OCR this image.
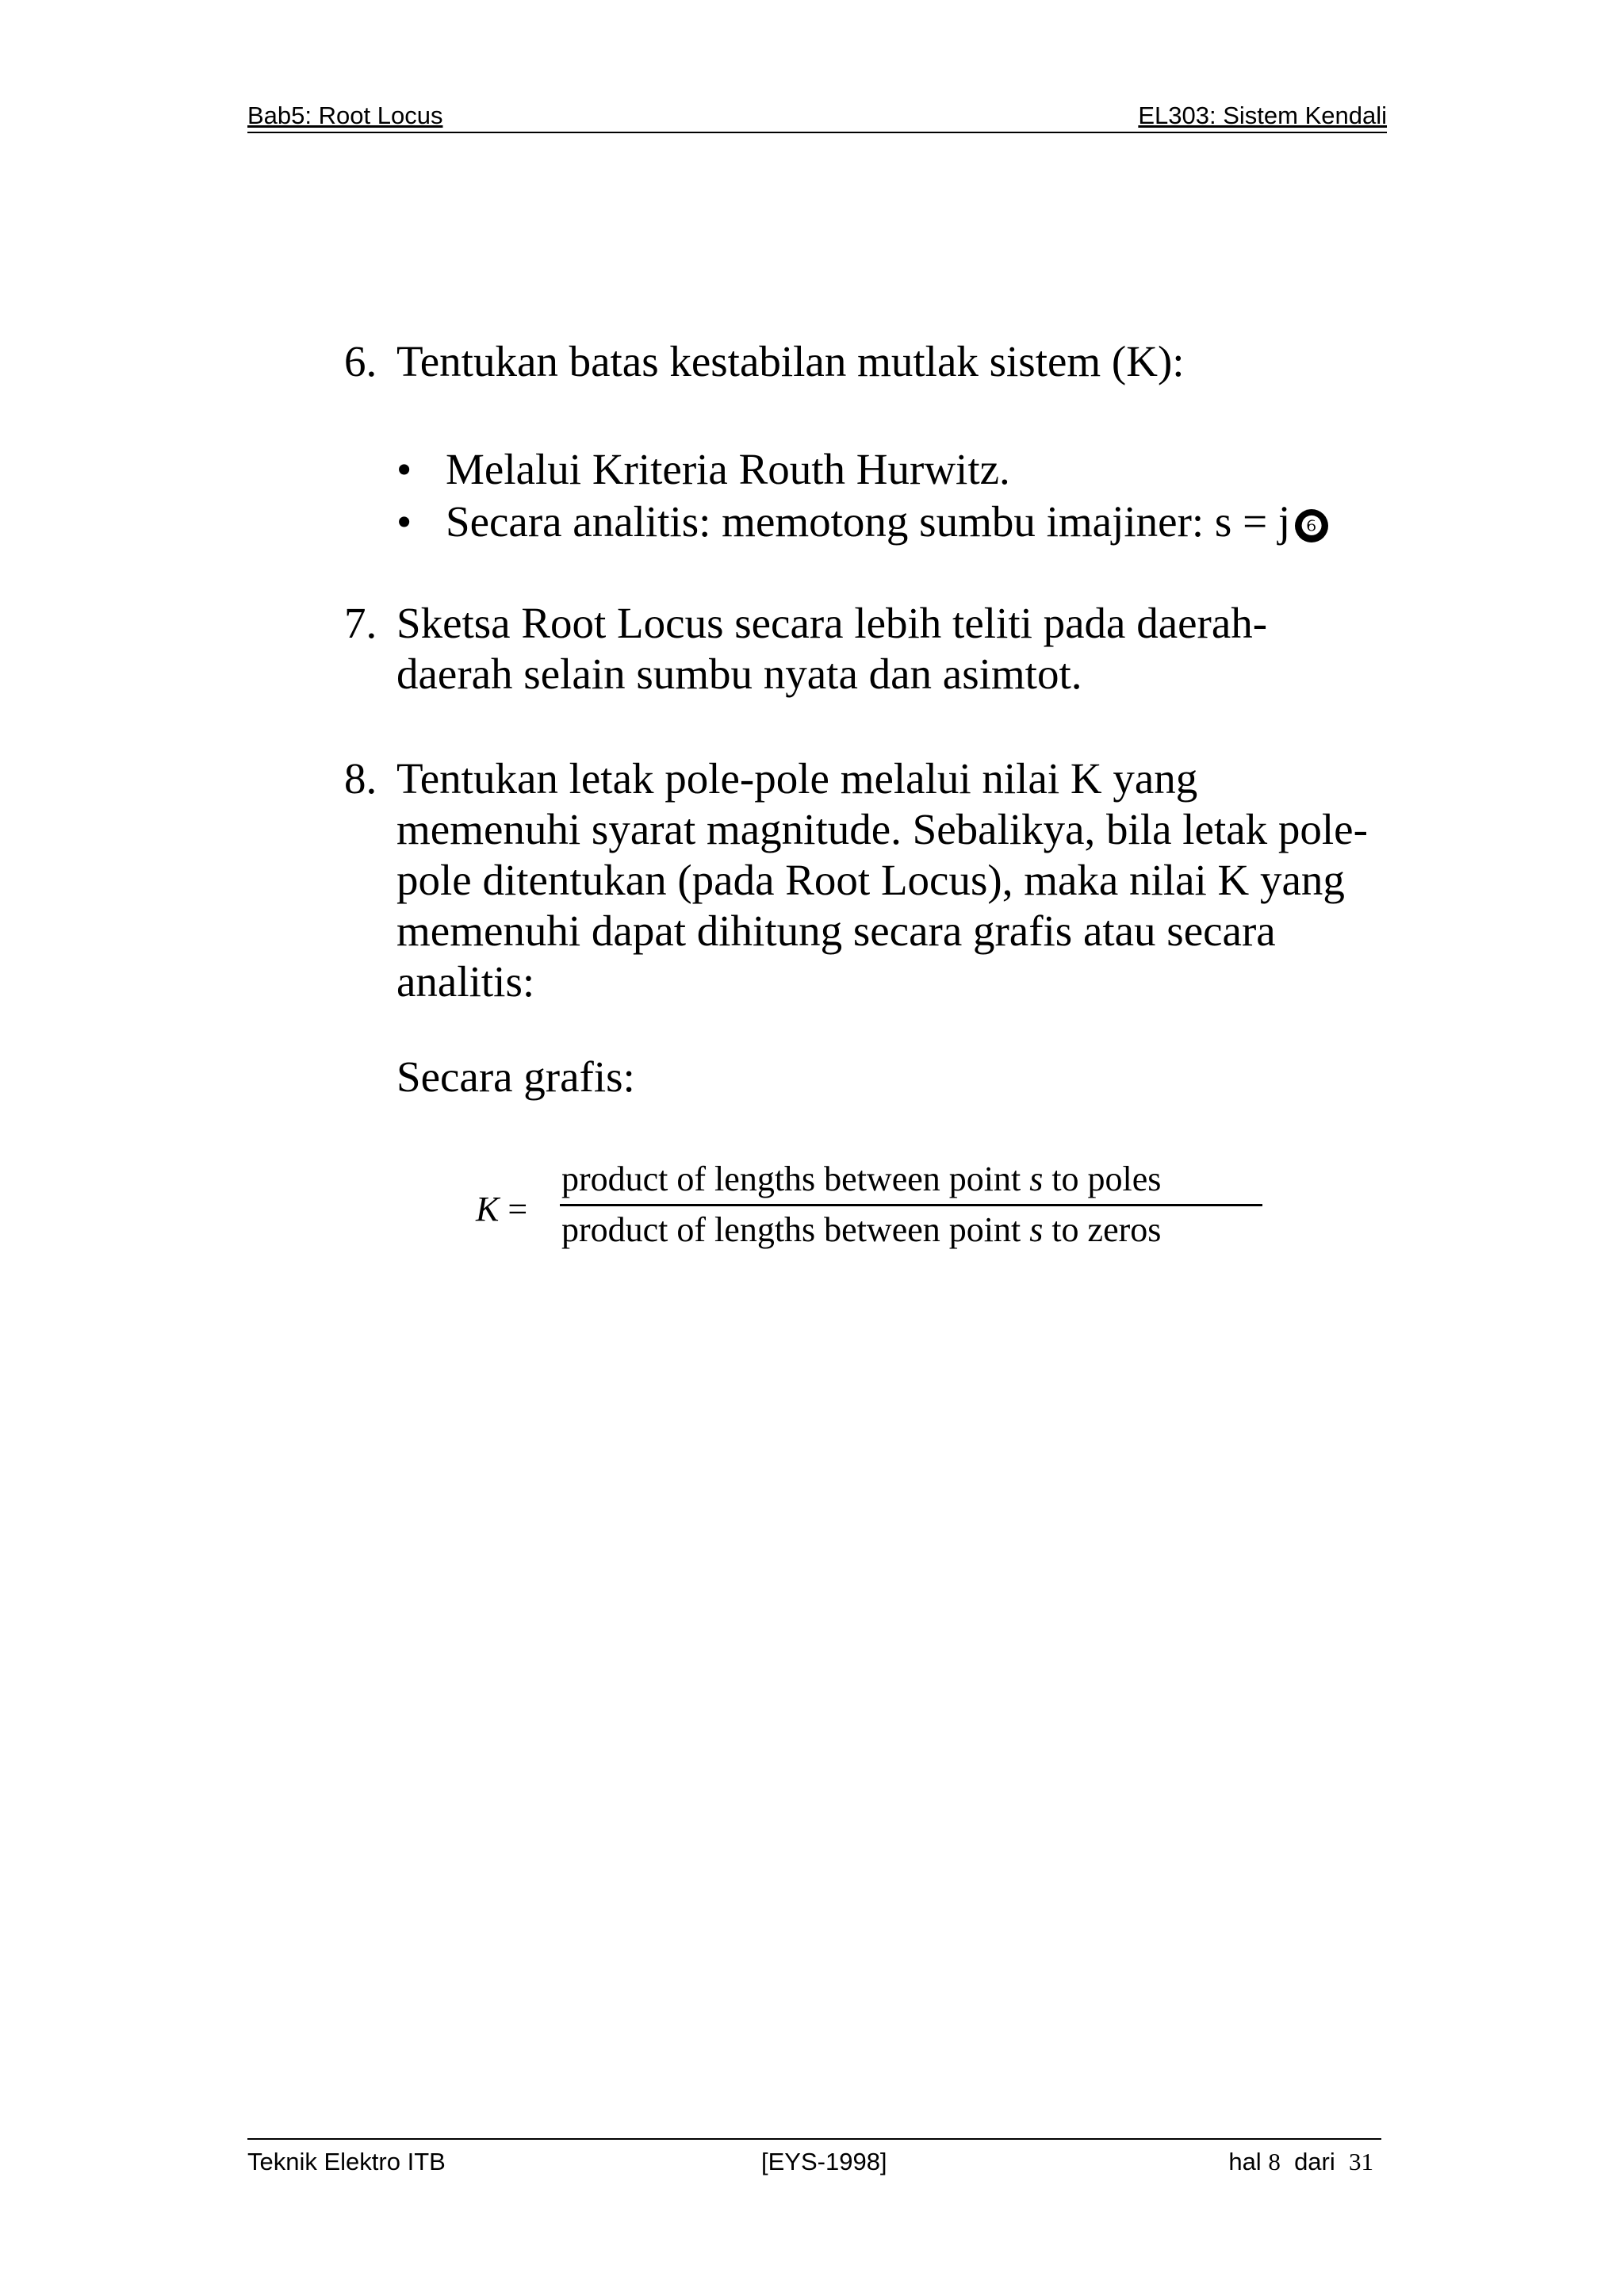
Bab5: Root Locus	EL303: Sistem Kendali
6. Tentukan batas kestabilan mutlak sistem (K):
• Melalui Kriteria Routh Hurwitz.
• Secara analitis: memotong sumbu imajiner: s = j ❻
7. Sketsa Root Locus secara lebih teliti pada daerah-
daerah selain sumbu nyata dan asimtot.
8. Tentukan letak pole-pole melalui nilai K yang
memenuhi syarat magnitude. Sebalikya, bila letak pole-
pole ditentukan (pada Root Locus), maka nilai K yang
memenuhi dapat dihitung secara grafis atau secara
analitis:
Secara grafis:
K =
product of lengths between point s to poles
product of lengths between point s to zeros
Teknik Elektro ITB	[EYS-1998]	hal 8 dari 31
